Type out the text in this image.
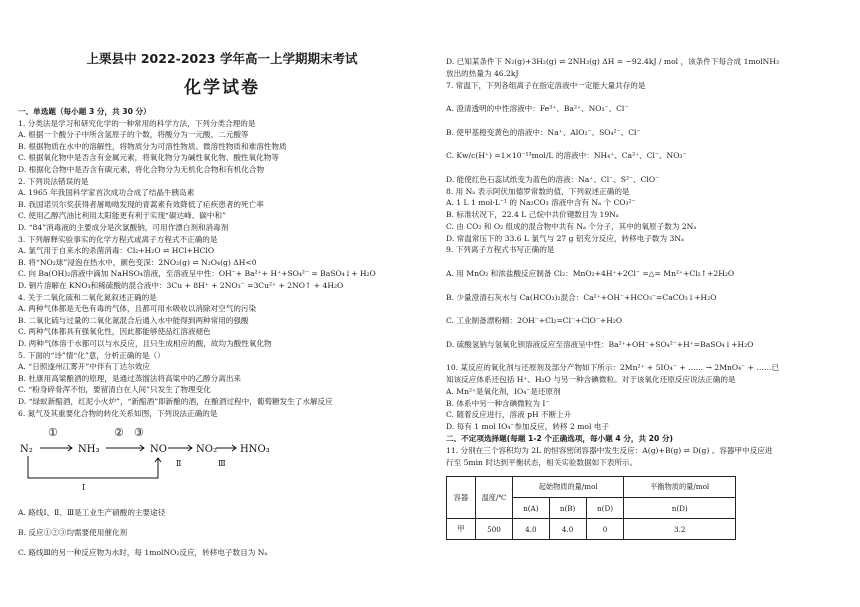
上栗县中 2022-2023 学年高一上学期期末考试
化学试卷
一、单选题（每小题 3 分，共 30 分）
1. 分类法是学习和研究化学的一种常用的科学方法，下列分类合理的是
A. 根据一个酸分子中所含氢原子的个数，将酸分为一元酸、二元酸等
B. 根据物质在水中的溶解性，将物质分为可溶性物质、微溶性物质和难溶性物质
C. 根据氧化物中是否含有金属元素，将氧化物分为碱性氧化物、酸性氧化物等
D. 根据化合物中是否含有碳元素，将化合物分为无机化合物和有机化合物
2. 下列说法错误的是
A. 1965 年我国科学家首次成功合成了结晶牛胰岛素
B. 我国诺贝尔奖获得者屠呦呦发现的青蒿素有效降低了疟疾患者的死亡率
C. 使用乙醇汽油比利用太阳能更有利于实现“碳达峰、碳中和”
D. “84”消毒液的主要成分是次氯酸钠，可用作漂白剂和消毒剂
3. 下列解释实验事实的化学方程式或离子方程式不正确的是
A. 氯气用于自来水的杀菌消毒：Cl₂+H₂O ⇌ HCl+HClO
B. 将“NO₂球”浸泡在热水中，颜色变深：2NO₂(g) ⇌ N₂O₄(g) ΔH<0
C. 向 Ba(OH)₂溶液中滴加 NaHSO₄溶液，至溶液呈中性：OH⁻+ Ba²⁺+ H⁺+SO₄²⁻ = BaSO₄↓+ H₂O
D. 铜片溶解在 KNO₃和稀硫酸的混合液中：3Cu + 8H⁺ + 2NO₃⁻ =3Cu²⁺ + 2NO↑ + 4H₂O
4. 关于二氧化硫和二氧化氮叙述正确的是
A. 两种气体都是无色有毒的气体，且都可用水吸收以消除对空气的污染
B. 二氧化硫与过量的二氧化氮混合后通入水中能得到两种常用的强酸
C. 两种气体都具有强氧化性，因此都能够使品红溶液褪色
D. 两种气体溶于水都可以与水反应，且只生成相应的酸，故均为酸性氧化物
5. 下面的“诗”情“化”意，分析正确的是（）
A. “日照遂州江雾开”中伴有丁达尔效应
B. 杜康用高粱酿酒的原理，是通过蒸馏法将高粱中的乙醇分离出来
C. “粉身碎骨浑不怕，要留清白在人间”只发生了物理变化
D. “绿蚁新醅酒，红泥小火炉”，“新醅酒”即新酿的酒，在酿酒过程中，葡萄糖发生了水解反应
6. 氮气及其重要化合物的转化关系如图，下列说法正确的是
N₂	NH₃	NO	NO₂ HNO₃
①	② ③
Ⅱ	Ⅲ
Ⅰ
A. 路线Ⅰ、Ⅱ、Ⅲ是工业生产硝酸的主要途径
B. 反应①②③均需要使用催化剂
C. 路线Ⅲ的另一种反应物为水时，每 1molNO₂反应，转移电子数目为 Nₐ
D. 已知某条件下 N₂(g)+3H₂(g) ⇌ 2NH₃(g) ΔH = −92.4kJ / mol ，该条件下每合成 1molNH₃
放出的热量为 46.2kJ
7. 常温下，下列各组离子在指定溶液中一定能大量共存的是
A. 澄清透明的中性溶液中：Fe³⁺、Ba²⁺、NO₃⁻、Cl⁻
B. 使甲基橙变黄色的溶液中：Na⁺、AlO₂⁻、SO₄²⁻、Cl⁻
C. Kw/c(H⁺) =1×10⁻¹³mol/L 的溶液中：NH₄⁺、Ca²⁺、Cl⁻、NO₃⁻
D. 能使红色石蕊试纸变为蓝色的溶液：Na⁺、Cl⁻、S²⁻、ClO⁻
8. 用 Nₐ 表示阿伏加德罗常数的值，下列叙述正确的是
A. 1 L 1 mol·L⁻¹ 的 Na₂CO₃ 溶液中含有 Nₐ 个 CO₃²⁻
B. 标准状况下，22.4 L 己烷中共价键数目为 19Nₐ
C. 由 CO₂ 和 O₂ 组成的混合物中共有 Nₐ 个分子，其中的氧原子数为 2Nₐ
D. 常温常压下的 33.6 L 氯气与 27 g 铝充分反应，转移电子数为 3Nₐ
9. 下列离子方程式书写正确的是
A. 用 MnO₂ 和浓盐酸反应制备 Cl₂：MnO₂+4H⁺+2Cl⁻ =△= Mn²⁺+Cl₂↑+2H₂O
B. 少量澄清石灰水与 Ca(HCO₃)₂混合：Ca²⁺+OH⁻+HCO₃⁻=CaCO₃↓+H₂O
C. 工业制备漂粉精：2OH⁻+Cl₂=Cl⁻+ClO⁻+H₂O
D. 硫酸氢钠与氢氧化钡溶液反应至溶液呈中性：Ba²⁺+OH⁻+SO₄²⁻+H⁺=BaSO₄↓+H₂O
10. 某反应的氧化剂与还原剂及部分产物如下所示：2Mn²⁺ + 5IO₄⁻ + …… → 2MnO₄⁻ + ……已
知该反应体系还包括 H⁺、H₂O 与另一种含碘微粒。对于该氧化还原反应说法正确的是
A. Mn²⁺是氧化剂，IO₄⁻是还原剂
B. 体系中另一种含碘微粒为 I⁻
C. 随着反应进行，溶液 pH 不断上升
D. 每有 1 mol IO₄⁻参加反应，转移 2 mol 电子
二、不定项选择题(每题 1-2 个正确选项，每小题 4 分，共 20 分)
11. 分别在三个容积均为 2L 的恒容密闭容器中发生反应：A(g)+B(g) ⇌ D(g) 。容器甲中反应进
行至 5min 时达到平衡状态，相关实验数据如下表所示。
容器	温度/℃	起始物质的量/mol			平衡物质的量/mol
		n(A)	n(B)	n(D)	n(D)
甲	500	4.0	4.0	0	3.2
